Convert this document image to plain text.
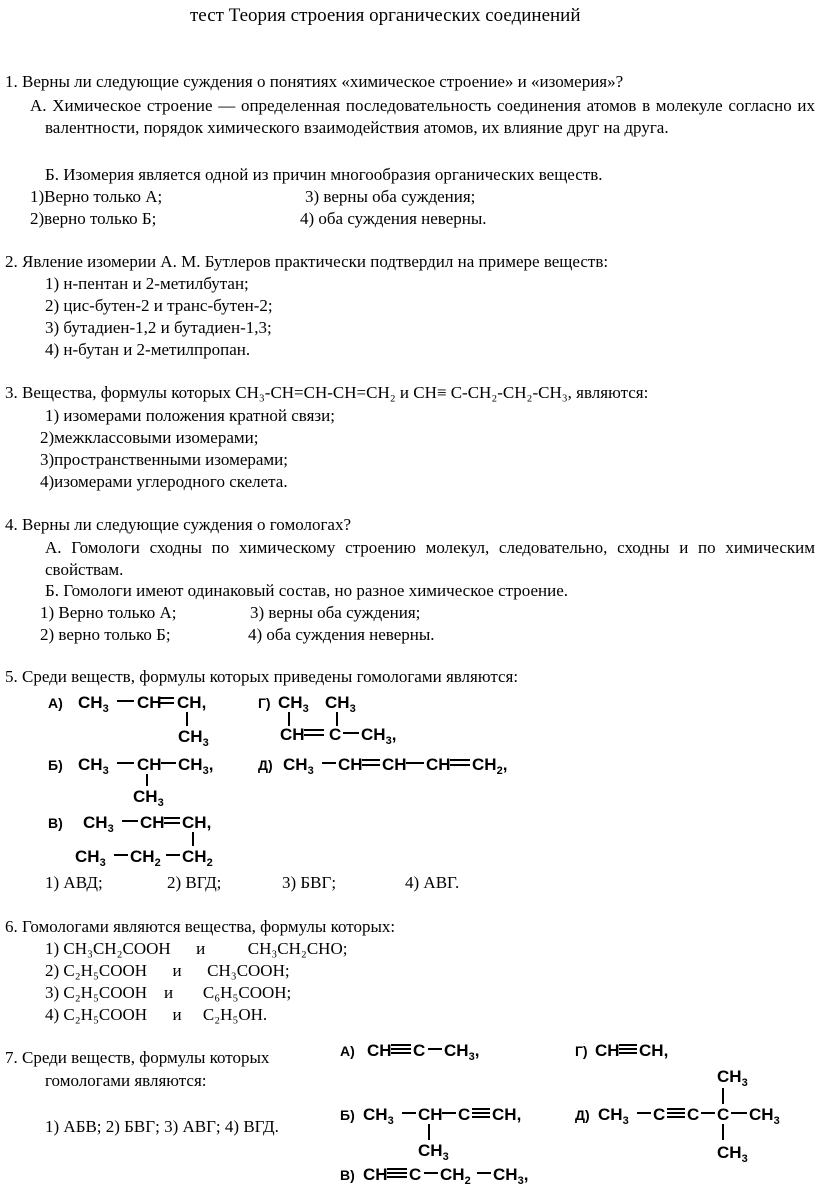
тест Теория строения органических соединений
1. Верны ли следующие суждения о понятиях «химическое строение» и «изомерия»?
А. Химическое строение — определенная последовательность соединения атомов в молекуле согласно их валентности, порядок химического взаимодействия атомов, их влияние друг на друга.
Б. Изомерия является одной из причин многообразия органических веществ.
1)Верно только А;	3) верны оба суждения;
2)верно только Б;	4) оба суждения неверны.
2. Явление изомерии А. М. Бутлеров практически подтвердил на примере веществ:
1) н-пентан и 2-метилбутан;
2) цис-бутен-2 и транс-бутен-2;
3) бутадиен-1,2 и бутадиен-1,3;
4) н-бутан и 2-метилпропан.
3. Вещества, формулы которых CH₃-CH=CH-CH=CH₂ и CH≡ C-CH₂-CH₂-CH₃, являются:
1) изомерами положения кратной связи;
2)межклассовыми изомерами;
3)пространственными изомерами;
4)изомерами углеродного скелета.
4. Верны ли следующие суждения о гомологах?
А. Гомологи сходны по химическому строению молекул, следовательно, сходны и по химическим свойствам.
Б. Гомологи имеют одинаковый состав, но разное химическое строение.
1) Верно только А;	3) верны оба суждения;
2) верно только Б;	4) оба суждения неверны.
5. Среди веществ, формулы которых приведены гомологами являются:
А) $CH_3$ CH CH,
$CH_3$
Г) $CH_3$ $CH_3$
CH C $CH_3$,
Б) $CH_3$ CH $CH_3$,
$CH_3$
Д) $CH_3$ CH CH CH $CH_2$,
В) $CH_3$ CH CH,
$CH_3$ $CH_2$ $CH_2$
1) АВД;	2) ВГД;	3) БВГ;	4) АВГ.
6. Гомологами являются вещества, формулы которых:
1) CH₃CH₂COOH      и          CH₃CH₂CHO;
2) C₂H₅COOH      и      CH₃COOH;
3) C₂H₅COOH    и       C₆H₅COOH;
4) C₂H₅COOH      и     C₂H₅OH.
7. Среди веществ, формулы которых
гомологами являются:
1) АБВ; 2) БВГ; 3) АВГ; 4) ВГД.
А) CH C $CH_3$,	Г) CH CH,
Б) $CH_3$ CH C CH,
$CH_3$
Д) $CH_3$ C C C $CH_3$
$CH_3$
$CH_3$
В) CH C $CH_2$ $CH_3$,
